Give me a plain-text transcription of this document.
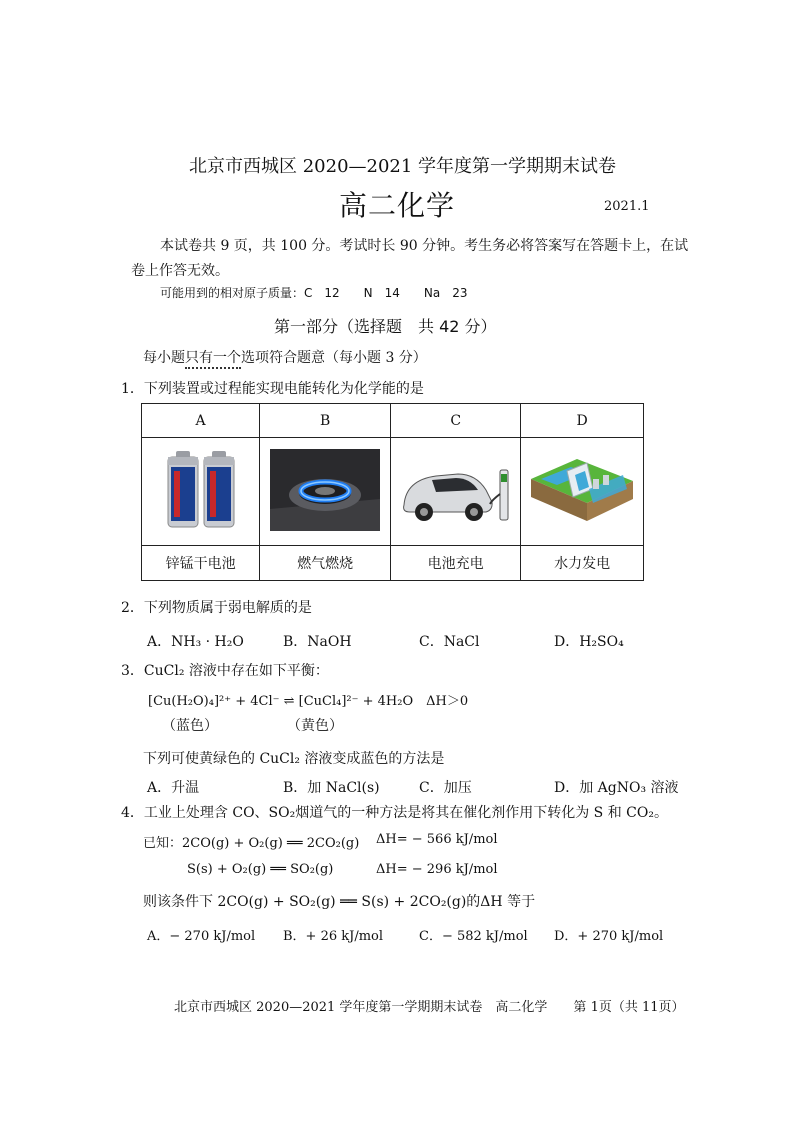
北京市西城区 2020—2021 学年度第一学期期末试卷
高二化学	2021.1
本试卷共 9 页，共 100 分。考试时长 90 分钟。考生务必将答案写在答题卡上，在试
卷上作答无效。
可能用到的相对原子质量：C　12　　N　14　　Na　23
第一部分（选择题　共 42 分）
每小题只有一个选项符合题意（每小题 3 分）
1．下列装置或过程能实现电能转化为化学能的是
A	B	C	D

锌锰干电池	燃气燃烧	电池充电	水力发电
2．下列物质属于弱电解质的是
A．NH₃ · H₂O	B．NaOH	C．NaCl	D．H₂SO₄
3．CuCl₂ 溶液中存在如下平衡：
[Cu(H₂O)₄]²⁺ + 4Cl⁻ ⇌ [CuCl₄]²⁻ + 4H₂O　ΔH＞0
（蓝色）	（黄色）
下列可使黄绿色的 CuCl₂ 溶液变成蓝色的方法是
A．升温	B．加 NaCl(s)	C．加压	D．加 AgNO₃ 溶液
4．工业上处理含 CO、SO₂烟道气的一种方法是将其在催化剂作用下转化为 S 和 CO₂。
已知：2CO(g) + O₂(g) ══ 2CO₂(g) ΔH= − 566 kJ/mol
S(s) + O₂(g) ══ SO₂(g)	ΔH= − 296 kJ/mol
则该条件下 2CO(g) + SO₂(g) ══ S(s) + 2CO₂(g)的ΔH 等于
A．− 270 kJ/mol B．+ 26 kJ/mol	C．− 582 kJ/mol D．+ 270 kJ/mol
北京市西城区 2020—2021 学年度第一学期期末试卷　高二化学　　第 1页（共 11页）
